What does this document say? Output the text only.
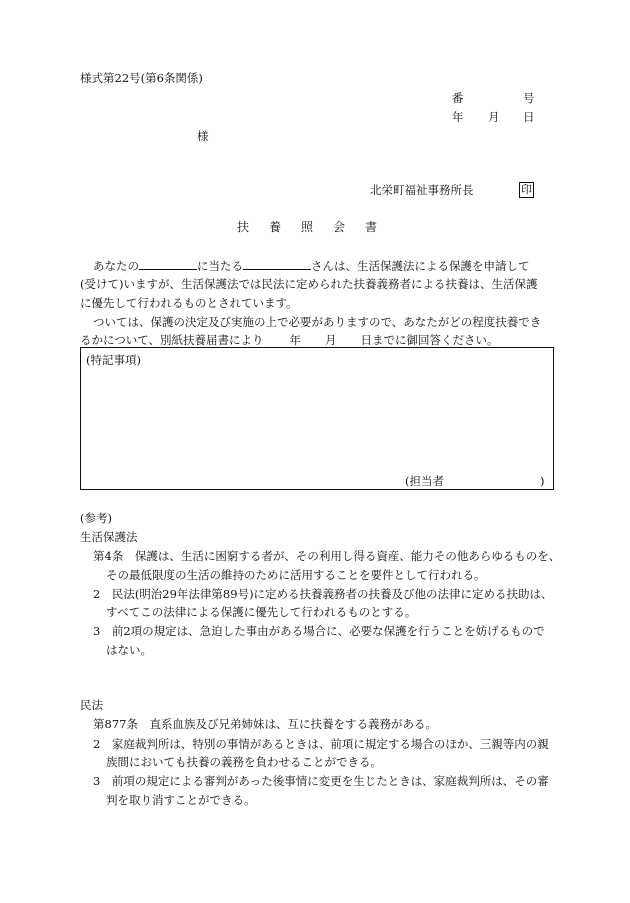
様式第22号(第6条関係)
番	号
年 月 日
様
北栄町福祉事務所長	印
扶　養　照　会　書
あなたの	に当たる	さんは、生活保護法による保護を申請して
(受けて)いますが、生活保護法では民法に定められた扶養義務者による扶養は、生活保護
に優先して行われるものとされています。
ついては、保護の決定及び実施の上で必要がありますので、あなたがどの程度扶養でき
るかについて、別紙扶養届書により 年 月 日までに御回答ください。
(特記事項)
(担当者	)
(参考)
生活保護法
第4条　保護は、生活に困窮する者が、その利用し得る資産、能力その他あらゆるものを、
その最低限度の生活の維持のために活用することを要件として行われる。
2　民法(明治29年法律第89号)に定める扶養義務者の扶養及び他の法律に定める扶助は、
すべてこの法律による保護に優先して行われるものとする。
3　前2項の規定は、急迫した事由がある場合に、必要な保護を行うことを妨げるもので
はない。
民法
第877条　直系血族及び兄弟姉妹は、互に扶養をする義務がある。
2　家庭裁判所は、特別の事情があるときは、前項に規定する場合のほか、三親等内の親
族間においても扶養の義務を負わせることができる。
3　前項の規定による審判があった後事情に変更を生じたときは、家庭裁判所は、その審
判を取り消すことができる。
